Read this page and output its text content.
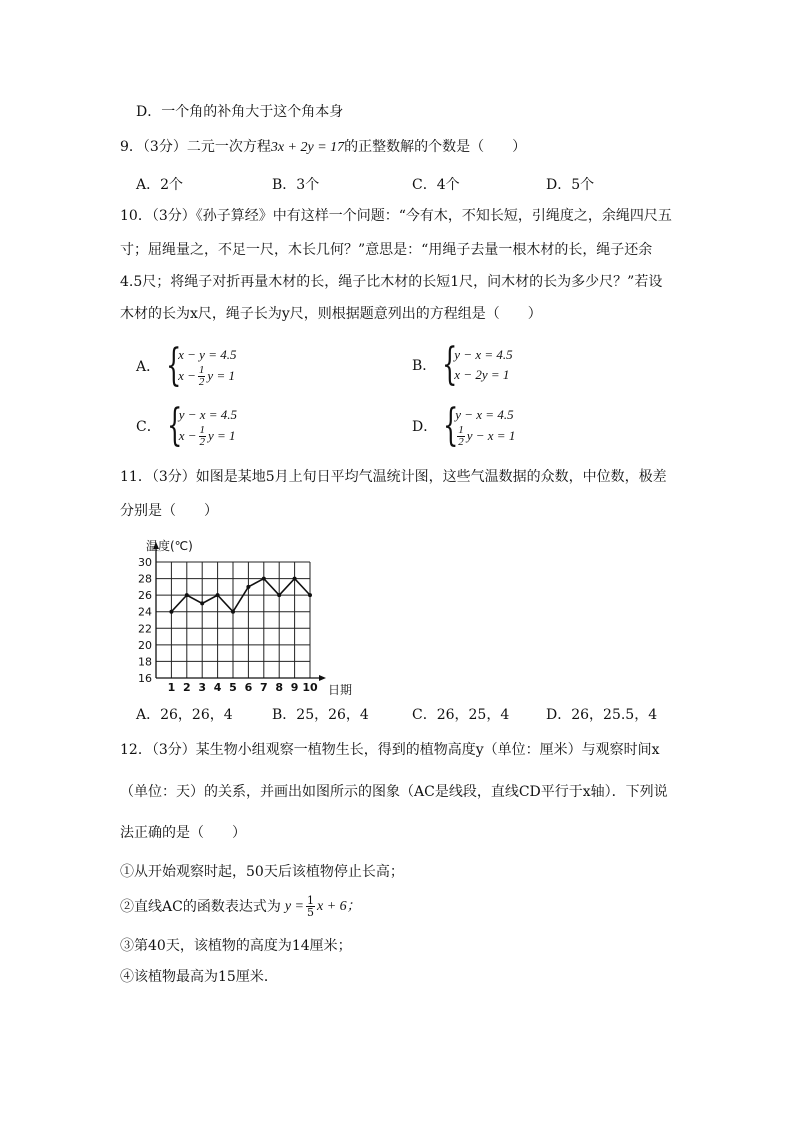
D．一个角的补角大于这个角本身
9．（3分）二元一次方程3x + 2y = 17的正整数解的个数是（　　）
A．2个	B．3个	C．4个	D．5个
10．（3分）《孙子算经》中有这样一个问题：“今有木，不知长短，引绳度之，余绳四尺五
寸；屈绳量之，不足一尺，木长几何？”意思是：“用绳子去量一根木材的长，绳子还余
4.5尺；将绳子对折再量木材的长，绳子比木材的长短1尺，问木材的长为多少尺？”若设
木材的长为x尺，绳子长为y尺，则根据题意列出的方程组是（　　）
A． {
x − y = 4.5
$x - \frac{1}{2}$ y = 1
B． {
y − x = 4.5
x − 2y = 1
C． {
y − x = 4.5
$x - \frac{1}{2}$ y = 1
D． {
y − x = 4.5
$\frac{1}{2}$ y − x = 1
11．（3分）如图是某地5月上旬日平均气温统计图，这些气温数据的众数，中位数，极差
分别是（　　）
16
18
20
22
24
26
28
30
1 2 3 4 5 6 7 8 9 10
温度(℃)
日期
A．26，26，4	B．25，26，4	C．26，25，4	D．26，25.5，4
12．（3分）某生物小组观察一植物生长，得到的植物高度y（单位：厘米）与观察时间x
（单位：天）的关系，并画出如图所示的图象（AC是线段，直线CD平行于x轴）．下列说
法正确的是（　　）
①从开始观察时起，50天后该植物停止长高；
②直线AC的函数表达式为 $y = \frac{1}{5}$ x + 6；
③第40天，该植物的高度为14厘米；
④该植物最高为15厘米．
